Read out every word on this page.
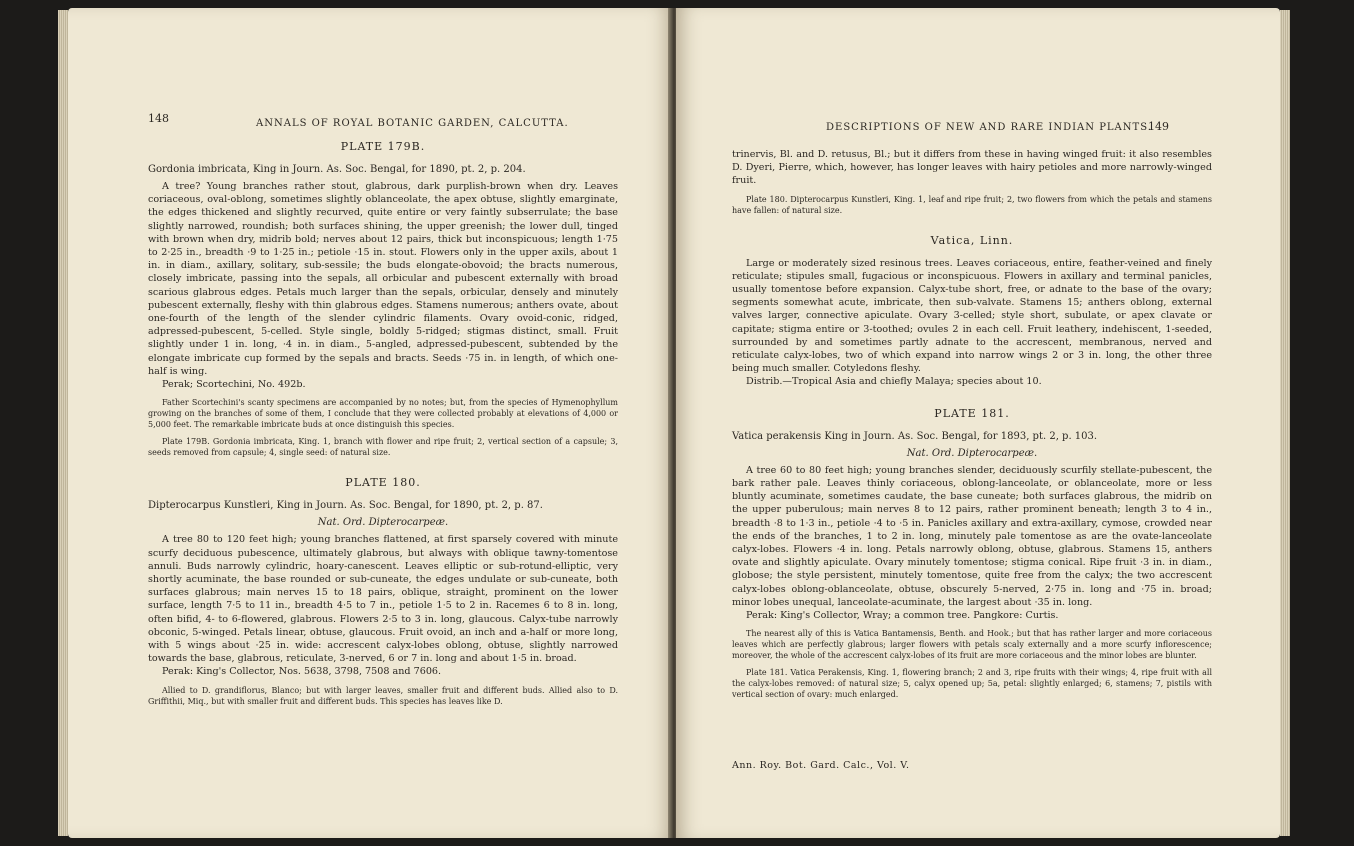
148	ANNALS OF ROYAL BOTANIC GARDEN, CALCUTTA.
PLATE 179B.

Gordonia imbricata, King in Journ. As. Soc. Bengal, for 1890, pt. 2, p. 204.

A tree? Young branches rather stout, glabrous, dark purplish-brown when dry. Leaves coriaceous, oval-oblong, sometimes slightly oblanceolate, the apex obtuse, slightly emarginate, the edges thickened and slightly recurved, quite entire or very faintly subserrulate; the base slightly narrowed, roundish; both surfaces shining, the upper greenish; the lower dull, tinged with brown when dry, midrib bold; nerves about 12 pairs, thick but inconspicuous; length 1·75 to 2·25 in., breadth ·9 to 1·25 in.; petiole ·15 in. stout. Flowers only in the upper axils, about 1 in. in diam., axillary, solitary, sub-sessile; the buds elongate-obovoid; the bracts numerous, closely imbricate, passing into the sepals, all orbicular and pubescent externally with broad scarious glabrous edges. Petals much larger than the sepals, orbicular, densely and minutely pubescent externally, fleshy with thin glabrous edges. Stamens numerous; anthers ovate, about one-fourth of the length of the slender cylindric filaments. Ovary ovoid-conic, ridged, adpressed-pubescent, 5-celled. Style single, boldly 5-ridged; stigmas distinct, small. Fruit slightly under 1 in. long, ·4 in. in diam., 5-angled, adpressed-pubescent, subtended by the elongate imbricate cup formed by the sepals and bracts. Seeds ·75 in. in length, of which one-half is wing.

Perak; Scortechini, No. 492b.

Father Scortechini's scanty specimens are accompanied by no notes; but, from the species of Hymenophyllum growing on the branches of some of them, I conclude that they were collected probably at elevations of 4,000 or 5,000 feet. The remarkable imbricate buds at once distinguish this species.

Plate 179B. Gordonia imbricata, King. 1, branch with flower and ripe fruit; 2, vertical section of a capsule; 3, seeds removed from capsule; 4, single seed: of natural size.

PLATE 180.

Dipterocarpus Kunstleri, King in Journ. As. Soc. Bengal, for 1890, pt. 2, p. 87.

Nat. Ord. Dipterocarpeæ.

A tree 80 to 120 feet high; young branches flattened, at first sparsely covered with minute scurfy deciduous pubescence, ultimately glabrous, but always with oblique tawny-tomentose annuli. Buds narrowly cylindric, hoary-canescent. Leaves elliptic or sub-rotund-elliptic, very shortly acuminate, the base rounded or sub-cuneate, the edges undulate or sub-cuneate, both surfaces glabrous; main nerves 15 to 18 pairs, oblique, straight, prominent on the lower surface, length 7·5 to 11 in., breadth 4·5 to 7 in., petiole 1·5 to 2 in. Racemes 6 to 8 in. long, often bifid, 4- to 6-flowered, glabrous. Flowers 2·5 to 3 in. long, glaucous. Calyx-tube narrowly obconic, 5-winged. Petals linear, obtuse, glaucous. Fruit ovoid, an inch and a-half or more long, with 5 wings about ·25 in. wide: accrescent calyx-lobes oblong, obtuse, slightly narrowed towards the base, glabrous, reticulate, 3-nerved, 6 or 7 in. long and about 1·5 in. broad.

Perak: King's Collector, Nos. 5638, 3798, 7508 and 7606.

Allied to D. grandiflorus, Blanco; but with larger leaves, smaller fruit and different buds. Allied also to D. Griffithii, Miq., but with smaller fruit and different buds. This species has leaves like D.

DESCRIPTIONS OF NEW AND RARE INDIAN PLANTS.
149

trinervis, Bl. and D. retusus, Bl.; but it differs from these in having winged fruit: it also resembles D. Dyeri, Pierre, which, however, has longer leaves with hairy petioles and more narrowly-winged fruit.

Plate 180. Dipterocarpus Kunstleri, King. 1, leaf and ripe fruit; 2, two flowers from which the petals and stamens have fallen: of natural size.

Vatica, Linn.

Large or moderately sized resinous trees. Leaves coriaceous, entire, feather-veined and finely reticulate; stipules small, fugacious or inconspicuous. Flowers in axillary and terminal panicles, usually tomentose before expansion. Calyx-tube short, free, or adnate to the base of the ovary; segments somewhat acute, imbricate, then sub-valvate. Stamens 15; anthers oblong, external valves larger, connective apiculate. Ovary 3-celled; style short, subulate, or apex clavate or capitate; stigma entire or 3-toothed; ovules 2 in each cell. Fruit leathery, indehiscent, 1-seeded, surrounded by and sometimes partly adnate to the accrescent, membranous, nerved and reticulate calyx-lobes, two of which expand into narrow wings 2 or 3 in. long, the other three being much smaller. Cotyledons fleshy.

Distrib.—Tropical Asia and chiefly Malaya; species about 10.

PLATE 181.

Vatica perakensis King in Journ. As. Soc. Bengal, for 1893, pt. 2, p. 103.

Nat. Ord. Dipterocarpeæ.

A tree 60 to 80 feet high; young branches slender, deciduously scurfily stellate-pubescent, the bark rather pale. Leaves thinly coriaceous, oblong-lanceolate, or oblanceolate, more or less bluntly acuminate, sometimes caudate, the base cuneate; both surfaces glabrous, the midrib on the upper puberulous; main nerves 8 to 12 pairs, rather prominent beneath; length 3 to 4 in., breadth ·8 to 1·3 in., petiole ·4 to ·5 in. Panicles axillary and extra-axillary, cymose, crowded near the ends of the branches, 1 to 2 in. long, minutely pale tomentose as are the ovate-lanceolate calyx-lobes. Flowers ·4 in. long. Petals narrowly oblong, obtuse, glabrous. Stamens 15, anthers ovate and slightly apiculate. Ovary minutely tomentose; stigma conical. Ripe fruit ·3 in. in diam., globose; the style persistent, minutely tomentose, quite free from the calyx; the two accrescent calyx-lobes oblong-oblanceolate, obtuse, obscurely 5-nerved, 2·75 in. long and ·75 in. broad; minor lobes unequal, lanceolate-acuminate, the largest about ·35 in. long.

Perak: King's Collector, Wray; a common tree. Pangkore: Curtis.

The nearest ally of this is Vatica Bantamensis, Benth. and Hook.; but that has rather larger and more coriaceous leaves which are perfectly glabrous; larger flowers with petals scaly externally and a more scurfy inflorescence; moreover, the whole of the accrescent calyx-lobes of its fruit are more coriaceous and the minor lobes are blunter.

Plate 181. Vatica Perakensis, King. 1, flowering branch; 2 and 3, ripe fruits with their wings; 4, ripe fruit with all the calyx-lobes removed: of natural size; 5, calyx opened up; 5a, petal: slightly enlarged; 6, stamens; 7, pistils with vertical section of ovary: much enlarged.

Ann. Roy. Bot. Gard. Calc., Vol. V.
